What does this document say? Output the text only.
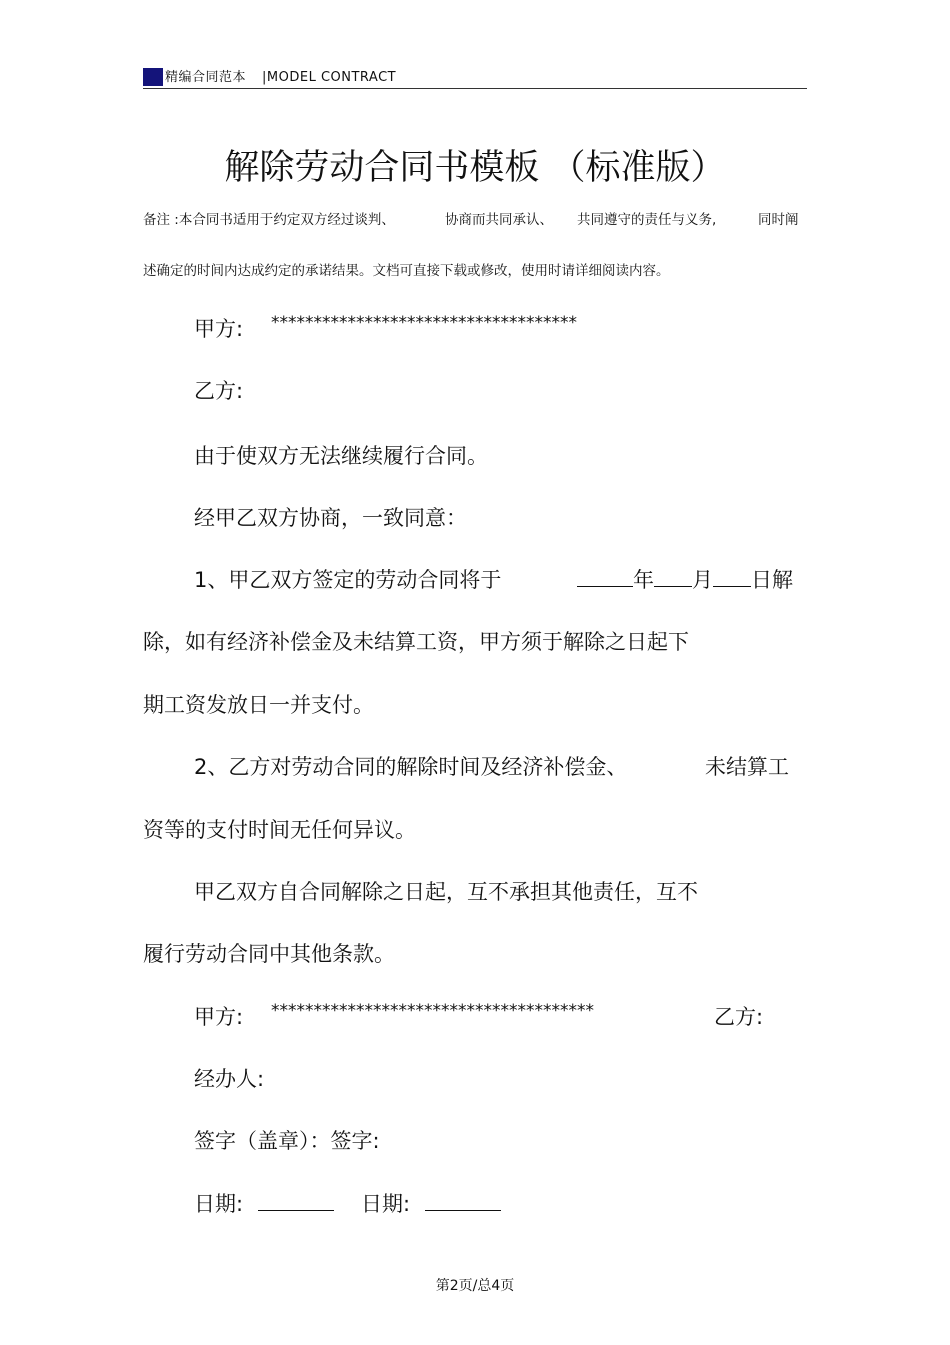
精编合同范本 |MODEL CONTRACT
解除劳动合同书模板 （标准版）
备注 :本合同书适用于约定双方经过谈判、	协商而共同承认、 共同遵守的责任与义务,	同时阐
述确定的时间内达成约定的承诺结果。文档可直接下载或修改，使用时请详细阅读内容。
甲方: ************************************
乙方:
由于使双方无法继续履行合同。
经甲乙双方协商，一致同意：
1、甲乙双方签定的劳动合同将于	年 月 日解
除，如有经济补偿金及未结算工资，甲方须于解除之日起下
期工资发放日一并支付。
2、乙方对劳动合同的解除时间及经济补偿金、	未结算工
资等的支付时间无任何异议。
甲乙双方自合同解除之日起，互不承担其他责任，互不
履行劳动合同中其他条款。
甲方: **************************************	乙方:
经办人:
签字（盖章）：签字:
日期:	日期:
第2页/总4页
